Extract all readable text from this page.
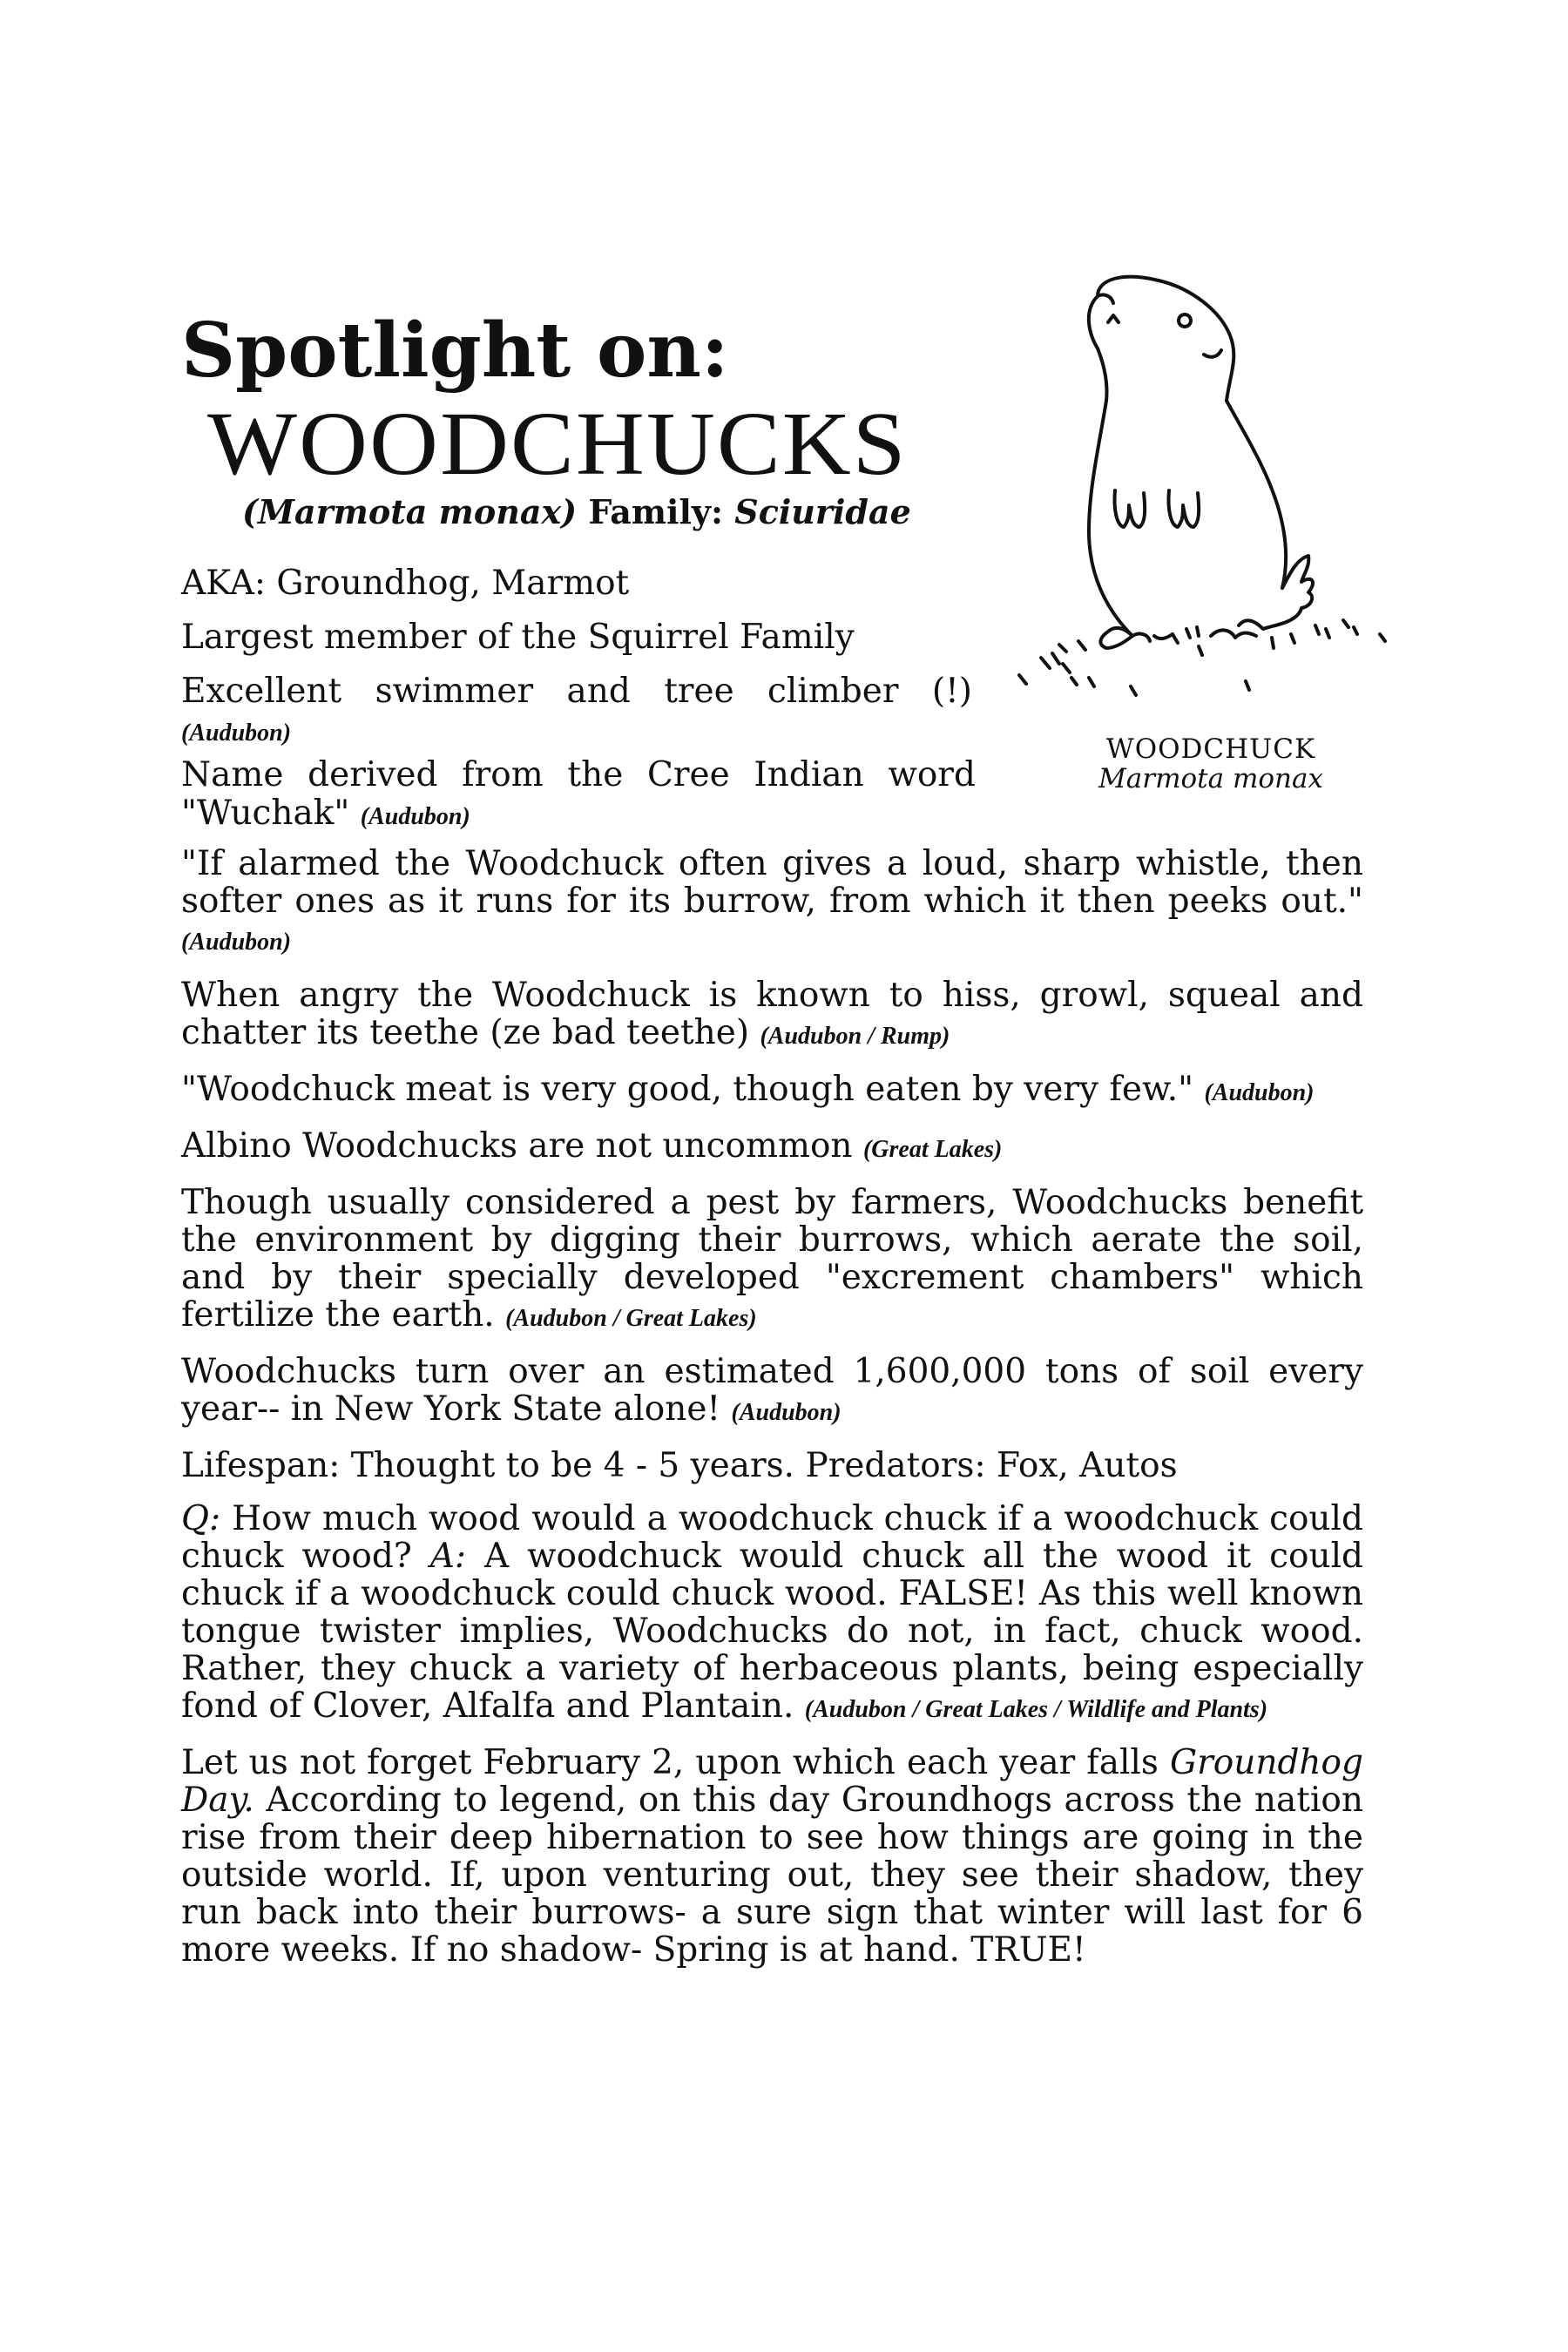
Spotlight on:
WOODCHUCKS
(Marmota monax) Family: Sciuridae
WOODCHUCK
Marmota monax
AKA: Groundhog, Marmot
Largest member of the Squirrel Family
Excellent swimmer and tree climber (!)
(Audubon)
Name derived from the Cree Indian word
"Wuchak" (Audubon)

"If alarmed the Woodchuck often gives a loud, sharp whistle, then softer ones as it runs for its burrow, from which it then peeks out." (Audubon)

When angry the Woodchuck is known to hiss, growl, squeal and chatter its teethe (ze bad teethe) (Audubon / Rump)

"Woodchuck meat is very good, though eaten by very few." (Audubon)

Albino Woodchucks are not uncommon (Great Lakes)

Though usually considered a pest by farmers, Woodchucks benefit the environment by digging their burrows, which aerate the soil, and by their specially developed "excrement chambers" which fertilize the earth. (Audubon / Great Lakes)

Woodchucks turn over an estimated 1,600,000 tons of soil every year-- in New York State alone! (Audubon)

Lifespan: Thought to be 4 - 5 years. Predators: Fox, Autos

Q: How much wood would a woodchuck chuck if a woodchuck could chuck wood? A: A woodchuck would chuck all the wood it could chuck if a woodchuck could chuck wood. FALSE! As this well known tongue twister implies, Woodchucks do not, in fact, chuck wood. Rather, they chuck a variety of herbaceous plants, being especially fond of Clover, Alfalfa and Plantain. (Audubon / Great Lakes / Wildlife and Plants)

Let us not forget February 2, upon which each year falls Groundhog Day. According to legend, on this day Groundhogs across the nation rise from their deep hibernation to see how things are going in the outside world. If, upon venturing out, they see their shadow, they run back into their burrows- a sure sign that winter will last for 6 more weeks. If no shadow- Spring is at hand. TRUE!
